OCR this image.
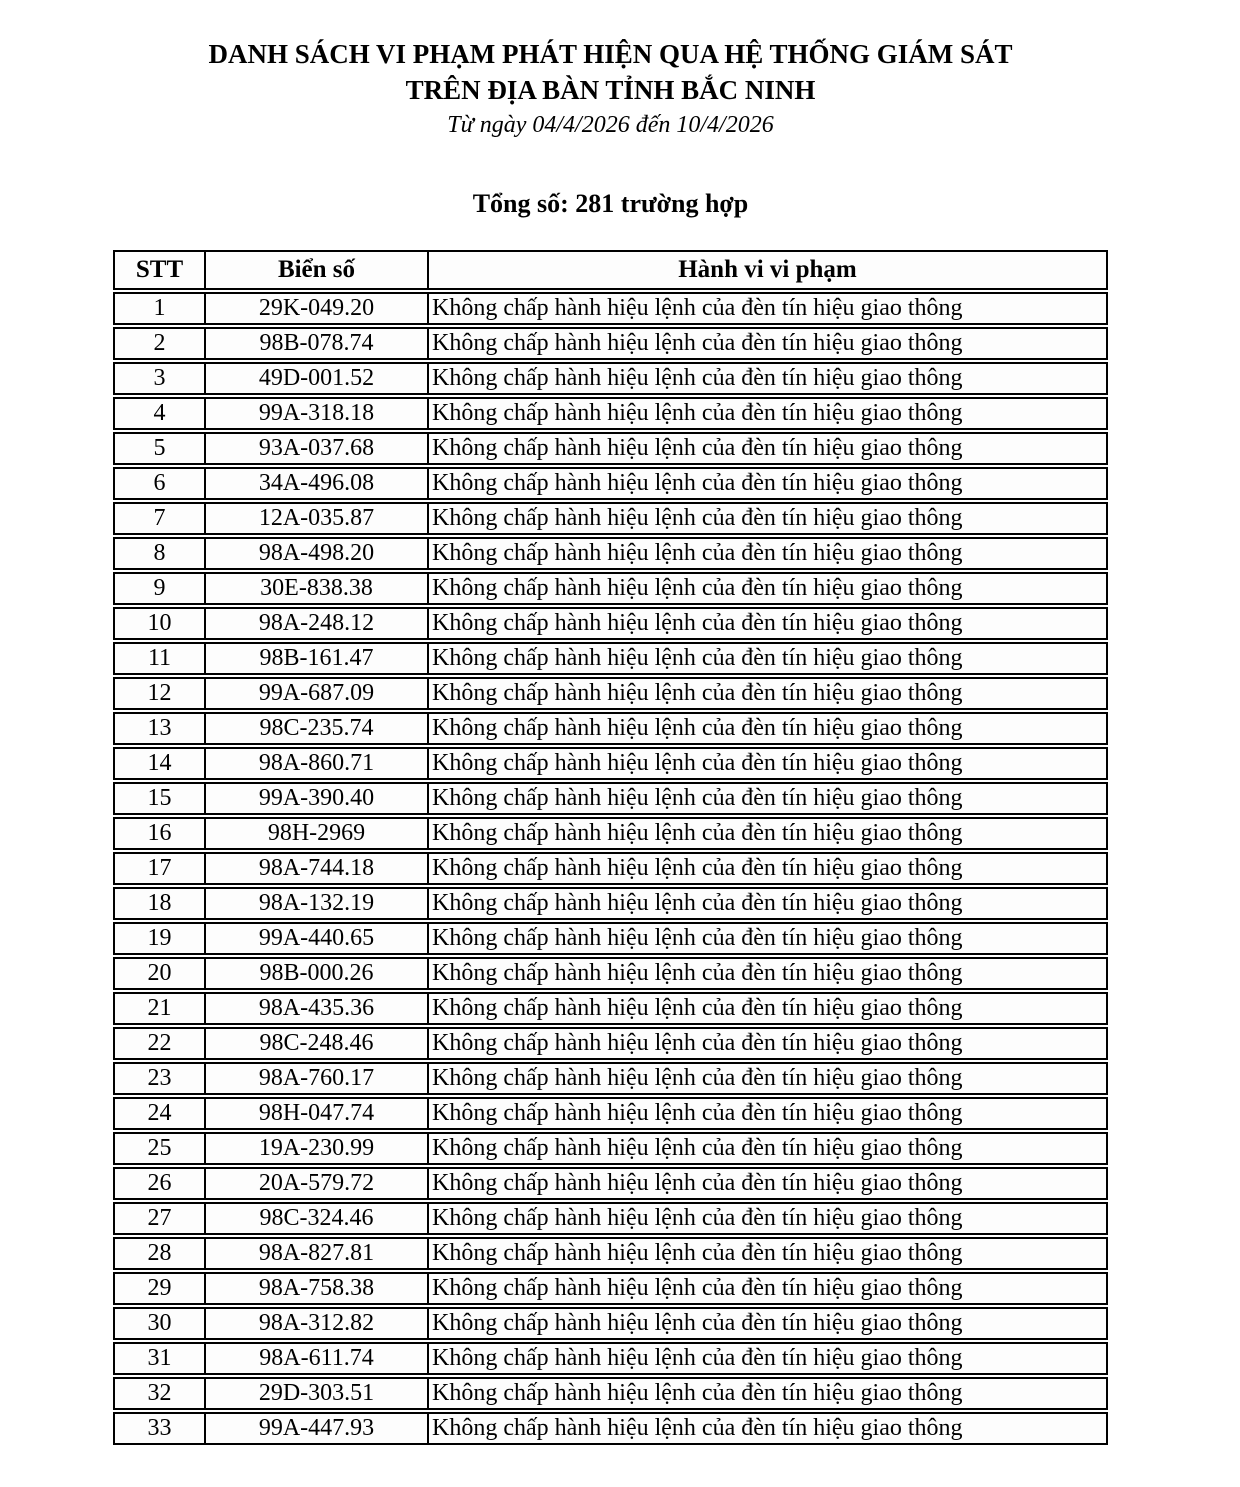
DANH SÁCH VI PHẠM PHÁT HIỆN QUA HỆ THỐNG GIÁM SÁT
TRÊN ĐỊA BÀN TỈNH BẮC NINH
Từ ngày 04/4/2026 đến 10/4/2026
Tổng số: 281 trường hợp
STT	Biển số	Hành vi vi phạm
1	29K-049.20	Không chấp hành hiệu lệnh của đèn tín hiệu giao thông
2	98B-078.74	Không chấp hành hiệu lệnh của đèn tín hiệu giao thông
3	49D-001.52	Không chấp hành hiệu lệnh của đèn tín hiệu giao thông
4	99A-318.18	Không chấp hành hiệu lệnh của đèn tín hiệu giao thông
5	93A-037.68	Không chấp hành hiệu lệnh của đèn tín hiệu giao thông
6	34A-496.08	Không chấp hành hiệu lệnh của đèn tín hiệu giao thông
7	12A-035.87	Không chấp hành hiệu lệnh của đèn tín hiệu giao thông
8	98A-498.20	Không chấp hành hiệu lệnh của đèn tín hiệu giao thông
9	30E-838.38	Không chấp hành hiệu lệnh của đèn tín hiệu giao thông
10	98A-248.12	Không chấp hành hiệu lệnh của đèn tín hiệu giao thông
11	98B-161.47	Không chấp hành hiệu lệnh của đèn tín hiệu giao thông
12	99A-687.09	Không chấp hành hiệu lệnh của đèn tín hiệu giao thông
13	98C-235.74	Không chấp hành hiệu lệnh của đèn tín hiệu giao thông
14	98A-860.71	Không chấp hành hiệu lệnh của đèn tín hiệu giao thông
15	99A-390.40	Không chấp hành hiệu lệnh của đèn tín hiệu giao thông
16	98H-2969	Không chấp hành hiệu lệnh của đèn tín hiệu giao thông
17	98A-744.18	Không chấp hành hiệu lệnh của đèn tín hiệu giao thông
18	98A-132.19	Không chấp hành hiệu lệnh của đèn tín hiệu giao thông
19	99A-440.65	Không chấp hành hiệu lệnh của đèn tín hiệu giao thông
20	98B-000.26	Không chấp hành hiệu lệnh của đèn tín hiệu giao thông
21	98A-435.36	Không chấp hành hiệu lệnh của đèn tín hiệu giao thông
22	98C-248.46	Không chấp hành hiệu lệnh của đèn tín hiệu giao thông
23	98A-760.17	Không chấp hành hiệu lệnh của đèn tín hiệu giao thông
24	98H-047.74	Không chấp hành hiệu lệnh của đèn tín hiệu giao thông
25	19A-230.99	Không chấp hành hiệu lệnh của đèn tín hiệu giao thông
26	20A-579.72	Không chấp hành hiệu lệnh của đèn tín hiệu giao thông
27	98C-324.46	Không chấp hành hiệu lệnh của đèn tín hiệu giao thông
28	98A-827.81	Không chấp hành hiệu lệnh của đèn tín hiệu giao thông
29	98A-758.38	Không chấp hành hiệu lệnh của đèn tín hiệu giao thông
30	98A-312.82	Không chấp hành hiệu lệnh của đèn tín hiệu giao thông
31	98A-611.74	Không chấp hành hiệu lệnh của đèn tín hiệu giao thông
32	29D-303.51	Không chấp hành hiệu lệnh của đèn tín hiệu giao thông
33	99A-447.93	Không chấp hành hiệu lệnh của đèn tín hiệu giao thông
